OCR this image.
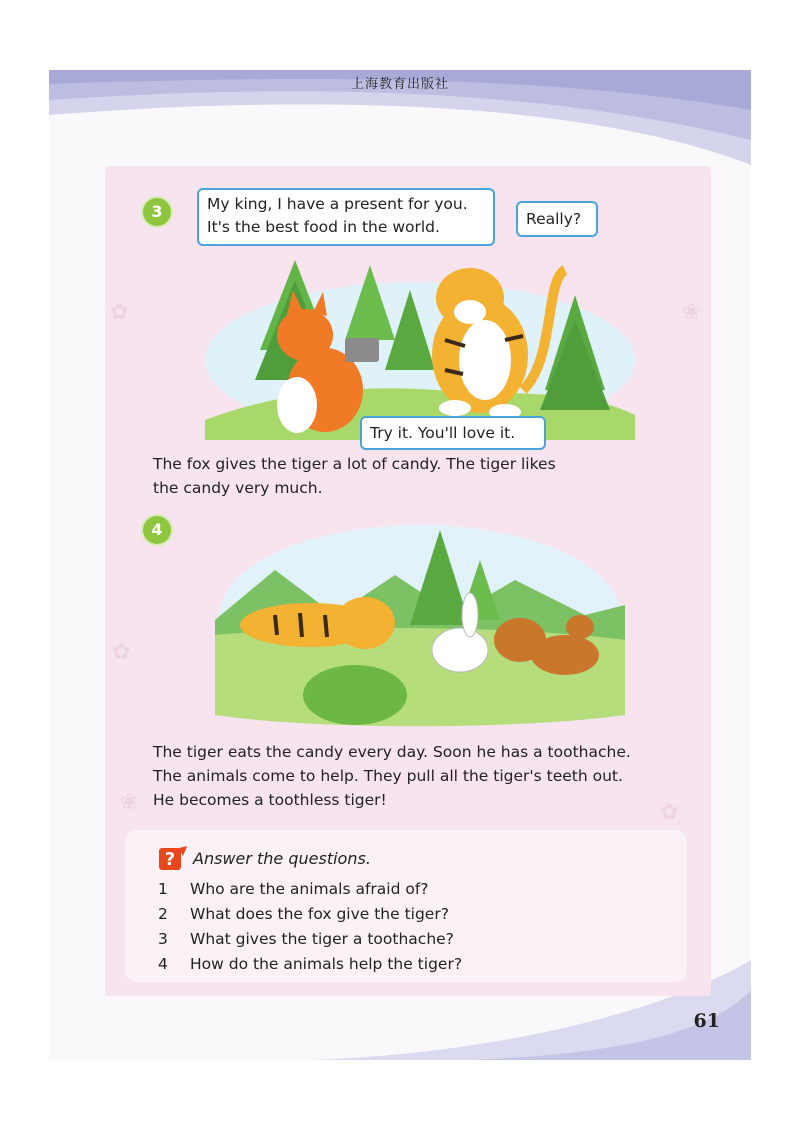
上海教育出版社
✿	❀
✿
❀	✿
3	My king, I have a present for you.
It's the best food in the world.	Really?
Try it. You'll love it.
The fox gives the tiger a lot of candy. The tiger likes
the candy very much.
4
The tiger eats the candy every day. Soon he has a toothache.
The animals come to help. They pull all the tiger's teeth out.
He becomes a toothless tiger!
? Answer the questions.
1 Who are the animals afraid of?
2 What does the fox give the tiger?
3 What gives the tiger a toothache?
4 How do the animals help the tiger?
61
